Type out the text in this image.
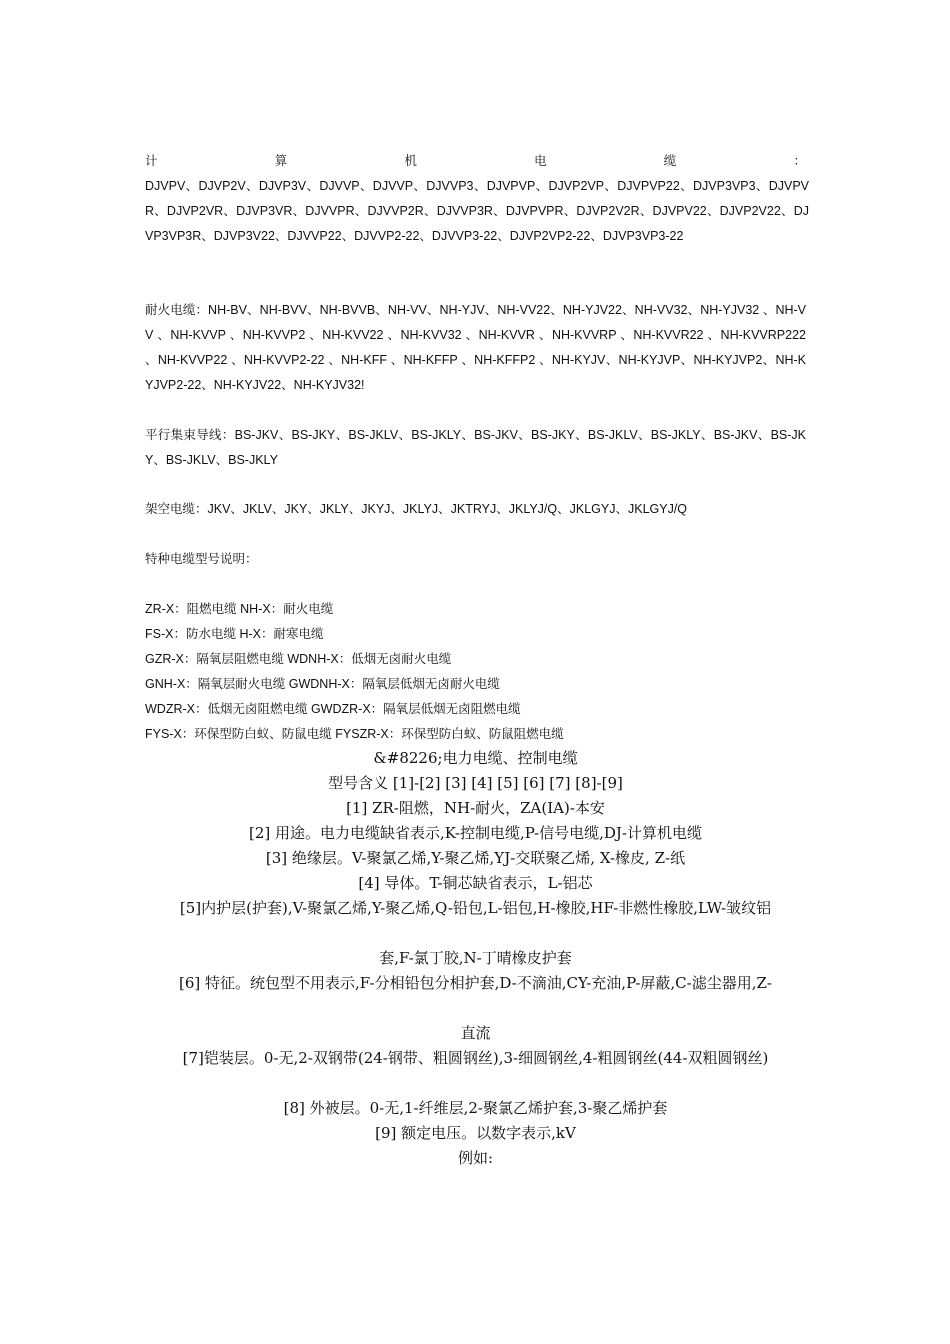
计 算 机 电 缆 ：
DJVPV、DJVP2V、DJVP3V、DJVVP、DJVVP、DJVVP3、DJVPVP、DJVP2VP、DJVPVP22、DJVP3VP3、DJVPVR、DJVP2VR、DJVP3VR、DJVVPR、DJVVP2R、DJVVP3R、DJVPVPR、DJVP2V2R、DJVPV22、DJVP2V22、DJVP3VP3R、DJVP3V22、DJVVP22、DJVVP2-22、DJVVP3-22、DJVP2VP2-22、DJVP3VP3-22
耐火电缆：NH-BV、NH-BVV、NH-BVVB、NH-VV、NH-YJV、NH-VV22、NH-YJV22、NH-VV32、NH-YJV32 、NH-VV 、NH-KVVP 、NH-KVVP2 、NH-KVV22 、NH-KVV32 、NH-KVVR 、NH-KVVRP 、NH-KVVR22 、NH-KVVRP222 、NH-KVVP22 、NH-KVVP2-22 、NH-KFF 、NH-KFFP 、NH-KFFP2 、NH-KYJV、NH-KYJVP、NH-KYJVP2、NH-KYJVP2-22、NH-KYJV22、NH-KYJV32!
平行集束导线：BS-JKV、BS-JKY、BS-JKLV、BS-JKLY、BS-JKV、BS-JKY、BS-JKLV、BS-JKLY、BS-JKV、BS-JKY、BS-JKLV、BS-JKLY
架空电缆：JKV、JKLV、JKY、JKLY、JKYJ、JKLYJ、JKTRYJ、JKLYJ/Q、JKLGYJ、JKLGYJ/Q
特种电缆型号说明：
ZR-X：阻燃电缆 NH-X：耐火电缆
FS-X：防水电缆 H-X：耐寒电缆
GZR-X：隔氧层阻燃电缆 WDNH-X：低烟无卤耐火电缆
GNH-X：隔氧层耐火电缆 GWDNH-X：隔氧层低烟无卤耐火电缆
WDZR-X：低烟无卤阻燃电缆 GWDZR-X：隔氧层低烟无卤阻燃电缆
FYS-X：环保型防白蚁、防鼠电缆 FYSZR-X：环保型防白蚁、防鼠阻燃电缆
&#8226;电力电缆、控制电缆
型号含义 [1]-[2] [3] [4] [5] [6] [7] [8]-[9]
[1] ZR-阻燃，NH-耐火，ZA(IA)-本安
[2] 用途。电力电缆缺省表示,K-控制电缆,P-信号电缆,DJ-计算机电缆
[3] 绝缘层。V-聚氯乙烯,Y-聚乙烯,YJ-交联聚乙烯, X-橡皮, Z-纸
[4] 导体。T-铜芯缺省表示，L-铝芯
[5]内护层(护套),V-聚氯乙烯,Y-聚乙烯,Q-铅包,L-铝包,H-橡胶,HF-非燃性橡胶,LW-皱纹铝
套,F-氯丁胶,N-丁晴橡皮护套
[6] 特征。统包型不用表示,F-分相铅包分相护套,D-不滴油,CY-充油,P-屏蔽,C-滤尘器用,Z-
直流
[7]铠装层。0-无,2-双钢带(24-钢带、粗圆钢丝),3-细圆钢丝,4-粗圆钢丝(44-双粗圆钢丝)
[8] 外被层。0-无,1-纤维层,2-聚氯乙烯护套,3-聚乙烯护套
[9] 额定电压。以数字表示,kV
例如:
